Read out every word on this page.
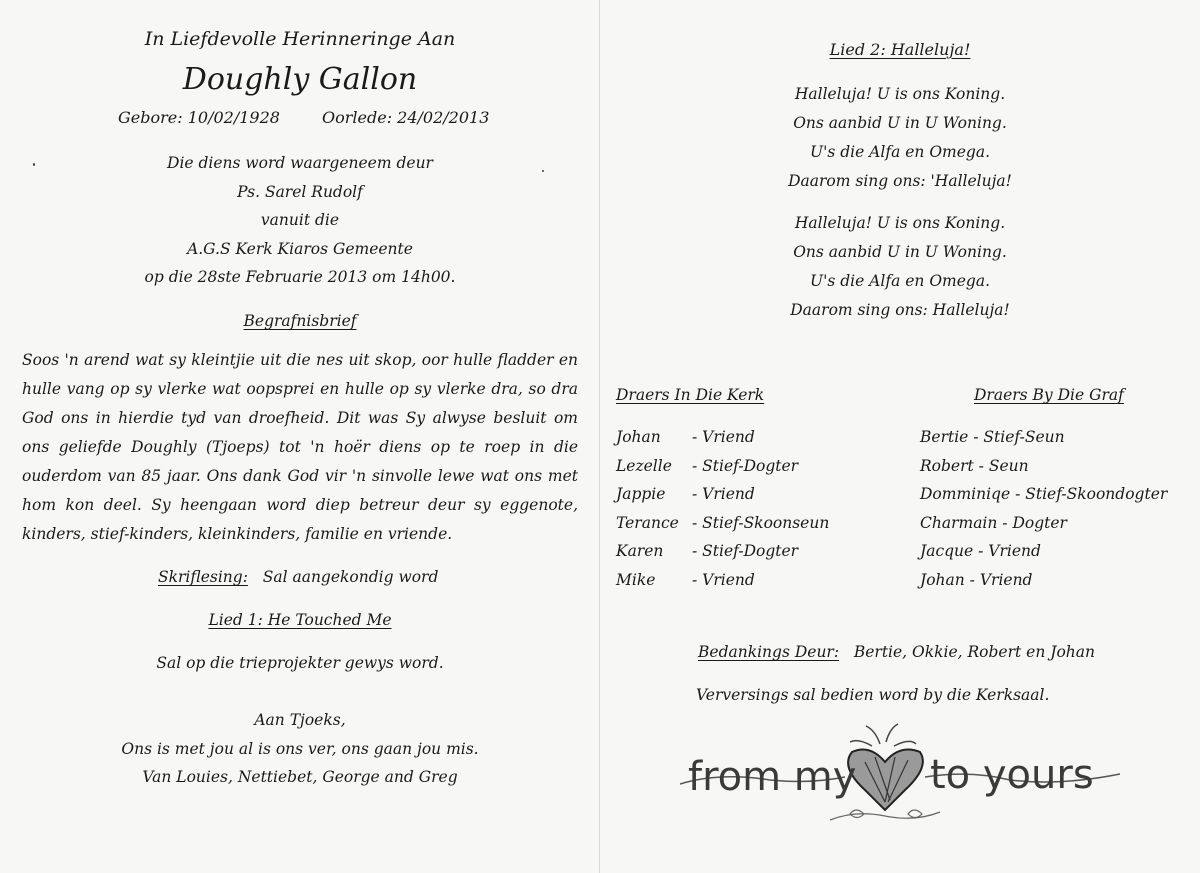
In Liefdevolle Herinneringe Aan
Doughly Gallon
Gebore: 10/02/1928	Oorlede: 24/02/2013
Die diens word waargeneem deur
Ps. Sarel Rudolf
vanuit die
A.G.S Kerk Kiaros Gemeente
op die 28ste Februarie 2013 om 14h00.
Begrafnisbrief
Soos 'n arend wat sy kleintjie uit die nes uit skop, oor hulle fladder en hulle vang op sy vlerke wat oopsprei en hulle op sy vlerke dra, so dra God ons in hierdie tyd van droefheid. Dit was Sy alwyse besluit om ons geliefde Doughly (Tjoeps) tot 'n hoër diens op te roep in die ouderdom van 85 jaar. Ons dank God vir 'n sinvolle lewe wat ons met hom kon deel. Sy heengaan word diep betreur deur sy eggenote, kinders, stief-kinders, kleinkinders, familie en vriende.
Skriflesing: Sal aangekondig word
Lied 1: He Touched Me
Sal op die trieprojekter gewys word.
Aan Tjoeks,
Ons is met jou al is ons ver, ons gaan jou mis.
Van Louies, Nettiebet, George and Greg
Lied 2: Halleluja!
Halleluja! U is ons Koning.
Ons aanbid U in U Woning.
U's die Alfa en Omega.
Daarom sing ons: 'Halleluja!
Halleluja! U is ons Koning.
Ons aanbid U in U Woning.
U's die Alfa en Omega.
Daarom sing ons: Halleluja!
Draers In Die Kerk
Johan - Vriend
Lezelle - Stief-Dogter
Jappie - Vriend
Terance - Stief-Skoonseun
Karen - Stief-Dogter
Mike - Vriend
Draers By Die Graf
Bertie - Stief-Seun
Robert - Seun
Domminiqe - Stief-Skoondogter
Charmain - Dogter
Jacque - Vriend
Johan - Vriend
Bedankings Deur: Bertie, Okkie, Robert en Johan
Verversings sal bedien word by die Kerksaal.
from my to yours
